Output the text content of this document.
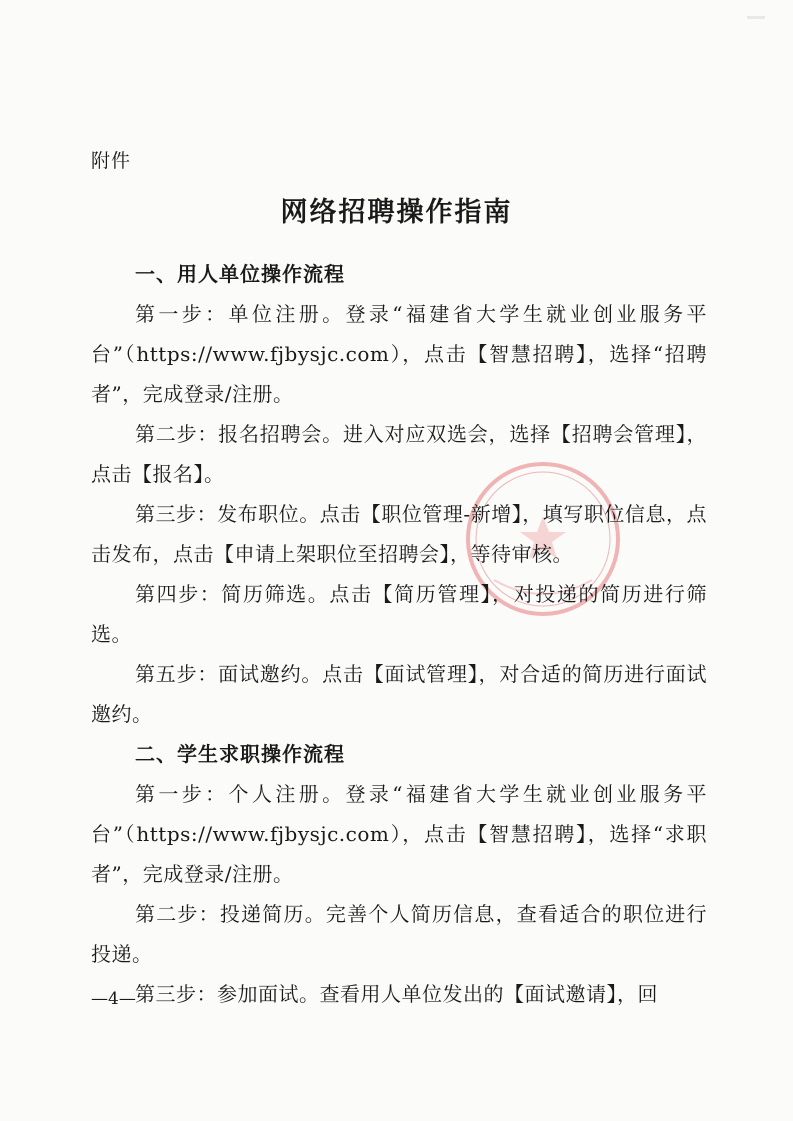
附件
网络招聘操作指南

一、用人单位操作流程

第一步：单位注册。登录“福建省大学生就业创业服务平台”（https://www.fjbysjc.com），点击【智慧招聘】，选择“招聘者”，完成登录/注册。

第二步：报名招聘会。进入对应双选会，选择【招聘会管理】，点击【报名】。

第三步：发布职位。点击【职位管理-新增】，填写职位信息，点击发布，点击【申请上架职位至招聘会】，等待审核。

第四步：简历筛选。点击【简历管理】，对投递的简历进行筛选。

第五步：面试邀约。点击【面试管理】，对合适的简历进行面试邀约。

二、学生求职操作流程

第一步：个人注册。登录“福建省大学生就业创业服务平台”（https://www.fjbysjc.com），点击【智慧招聘】，选择“求职者”，完成登录/注册。

第二步：投递简历。完善个人简历信息，查看适合的职位进行投递。

第三步：参加面试。查看用人单位发出的【面试邀请】，回

—4—
